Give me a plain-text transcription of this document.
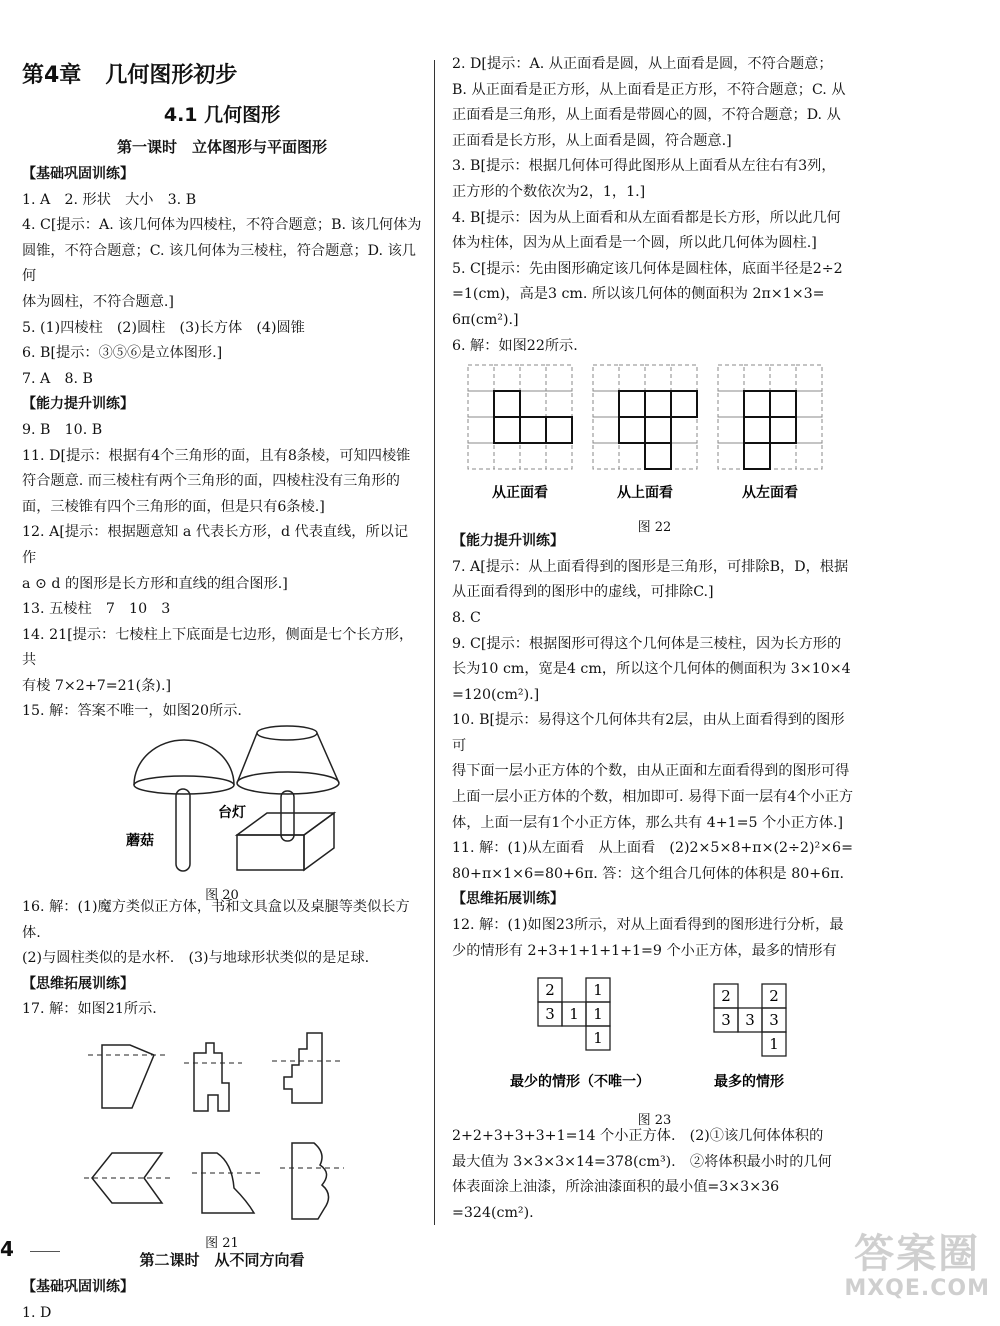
第4章 几何图形初步
4.1 几何图形
第一课时　立体图形与平面图形
【基础巩固训练】

1. A　2. 形状　大小　3. B

4. C[提示：A. 该几何体为四棱柱，不符合题意；B. 该几何体为

圆锥，不符合题意；C. 该几何体为三棱柱，符合题意；D. 该几何

体为圆柱，不符合题意.]

5. (1)四棱柱　(2)圆柱　(3)长方体　(4)圆锥

6. B[提示：③⑤⑥是立体图形.]

7. A　8. B

【能力提升训练】

9. B　10. B

11. D[提示：根据有4个三角形的面，且有8条棱，可知四棱锥

符合题意. 而三棱柱有两个三角形的面，四棱柱没有三角形的

面，三棱锥有四个三角形的面，但是只有6条棱.]

12. A[提示：根据题意知 a 代表长方形，d 代表直线，所以记作

a ⊙ d 的图形是长方形和直线的组合图形.]

13. 五棱柱　7　10　3

14. 21[提示：七棱柱上下底面是七边形，侧面是七个长方形，共

有棱 7×2+7=21(条).]

15. 解：答案不唯一，如图20所示.

蘑菇
台灯
图 20

16. 解：(1)魔方类似正方体，书和文具盒以及桌腿等类似长方体.

(2)与圆柱类似的是水杯.　(3)与地球形状类似的是足球.

【思维拓展训练】

17. 解：如图21所示.

图 21
第二课时　从不同方向看
【基础巩固训练】

1. D

2. D[提示：A. 从正面看是圆，从上面看是圆，不符合题意；

B. 从正面看是正方形，从上面看是正方形，不符合题意；C. 从

正面看是三角形，从上面看是带圆心的圆，不符合题意；D. 从

正面看是长方形，从上面看是圆，符合题意.]

3. B[提示：根据几何体可得此图形从上面看从左往右有3列，

正方形的个数依次为2，1，1.]

4. B[提示：因为从上面看和从左面看都是长方形，所以此几何

体为柱体，因为从上面看是一个圆，所以此几何体为圆柱.]

5. C[提示：先由图形确定该几何体是圆柱体，底面半径是2÷2

=1(cm)，高是3 cm. 所以该几何体的侧面积为 2π×1×3=

6π(cm²).]

6. 解：如图22所示.

从正面看	从上面看	从左面看
图 22
【能力提升训练】

7. A[提示：从上面看得到的图形是三角形，可排除B，D，根据

从正面看得到的图形中的虚线，可排除C.]

8. C

9. C[提示：根据图形可得这个几何体是三棱柱，因为长方形的

长为10 cm，宽是4 cm，所以这个几何体的侧面积为 3×10×4

=120(cm²).]

10. B[提示：易得这个几何体共有2层，由从上面看得到的图形可

得下面一层小正方体的个数，由从正面和左面看得到的图形可得

上面一层小正方体的个数，相加即可. 易得下面一层有4个小正方

体，上面一层有1个小正方体，那么共有 4+1=5 个小正方体.]

11. 解：(1)从左面看　从上面看　(2)2×5×8+π×(2÷2)²×6=

80+π×1×6=80+6π. 答：这个组合几何体的体积是 80+6π.

【思维拓展训练】

12. 解：(1)如图23所示，对从上面看得到的图形进行分析，最

少的情形有 2+3+1+1+1+1=9 个小正方体，最多的情形有

2	1
3 1 1
1
2	2
3 3 3
1
最少的情形（不唯一）	最多的情形
图 23

2+2+3+3+3+1=14 个小正方体.　(2)①该几何体体积的

最大值为 3×3×3×14=378(cm³).　②将体积最小时的几何

体表面涂上油漆，所涂油漆面积的最小值=3×3×36

=324(cm²).

4	答案圈
MXQE.COM
